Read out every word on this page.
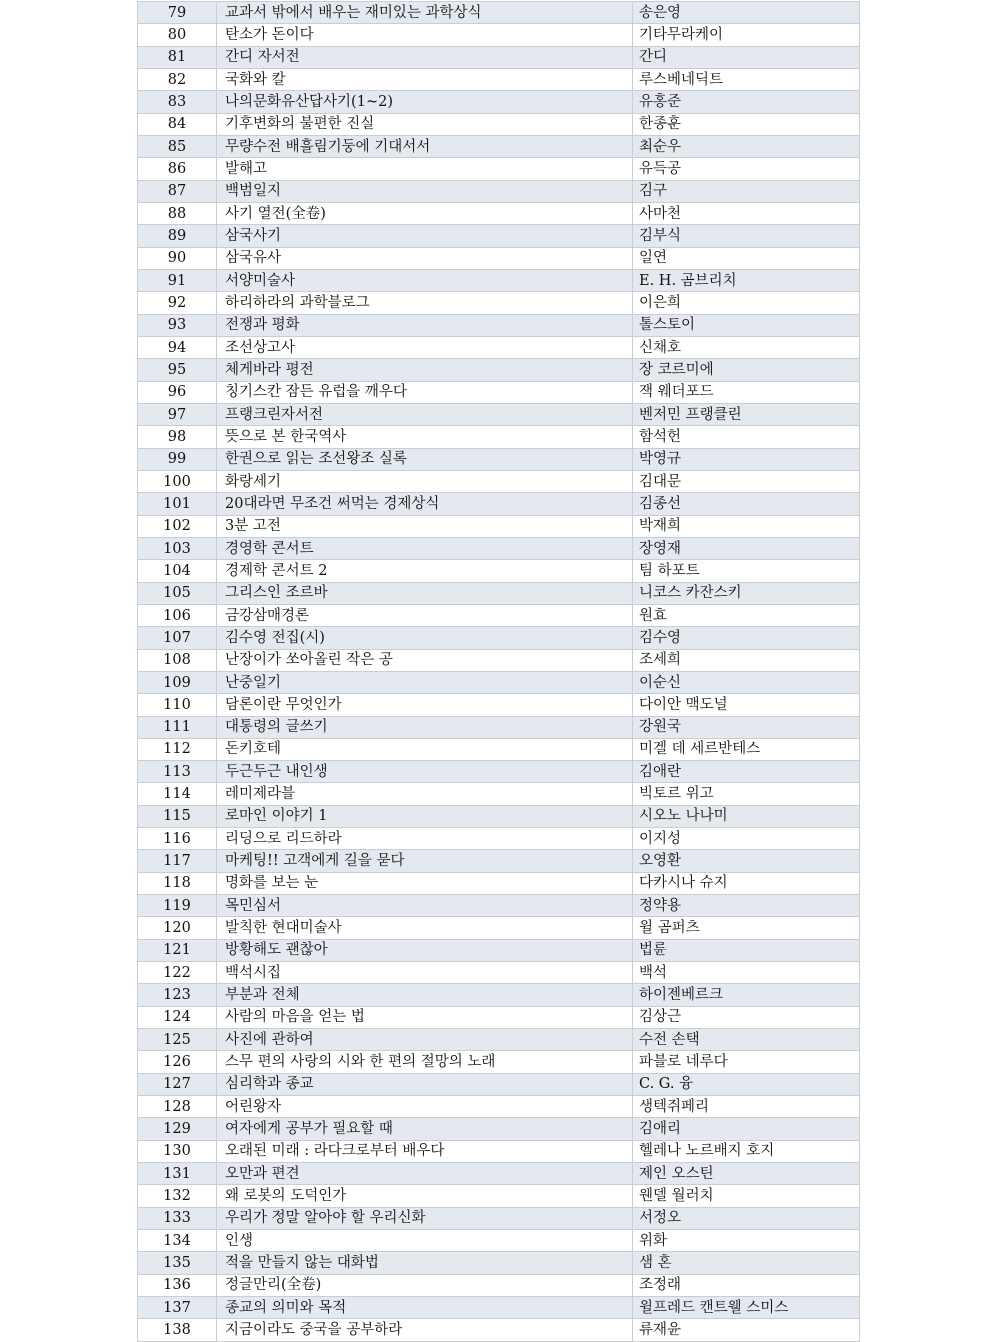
79	교과서 밖에서 배우는 재미있는 과학상식	송은영
80	탄소가 돈이다	기타무라케이
81	간디 자서전	간디
82	국화와 칼	루스베네딕트
83	나의문화유산답사기(1~2)	유홍준
84	기후변화의 불편한 진실	한종훈
85	무량수전 배흘림기둥에 기대서서	최순우
86	발해고	유득공
87	백범일지	김구
88	사기 열전(全卷)	사마천
89	삼국사기	김부식
90	삼국유사	일연
91	서양미술사	E. H. 곰브리치
92	하리하라의 과학블로그	이은희
93	전쟁과 평화	톨스토이
94	조선상고사	신채호
95	체게바라 평전	장 코르미에
96	칭기스칸 잠든 유럽을 깨우다	잭 웨더포드
97	프랭크린자서전	벤저민 프랭클린
98	뜻으로 본 한국역사	함석헌
99	한권으로 읽는 조선왕조 실록	박영규
100	화랑세기	김대문
101	20대라면 무조건 써먹는 경제상식	김종선
102	3분 고전	박재희
103	경영학 콘서트	장영재
104	경제학 콘서트 2	팀 하포트
105	그리스인 조르바	니코스 카잔스키
106	금강삼매경론	원효
107	김수영 전집(시)	김수영
108	난장이가 쏘아올린 작은 공	조세희
109	난중일기	이순신
110	담론이란 무엇인가	다이안 맥도널
111	대통령의 글쓰기	강원국
112	돈키호테	미겔 데 세르반테스
113	두근두근 내인생	김애란
114	레미제라블	빅토르 위고
115	로마인 이야기 1	시오노 나나미
116	리딩으로 리드하라	이지성
117	마케팅!! 고객에게 길을 묻다	오영환
118	명화를 보는 눈	다카시나 슈지
119	목민심서	정약용
120	발칙한 현대미술사	윌 곰퍼츠
121	방황해도 괜찮아	법륜
122	백석시집	백석
123	부분과 전체	하이젠베르크
124	사람의 마음을 얻는 법	김상근
125	사진에 관하여	수전 손택
126	스무 편의 사랑의 시와 한 편의 절망의 노래	파블로 네루다
127	심리학과 종교	C. G. 융
128	어린왕자	생텍쥐페리
129	여자에게 공부가 필요할 때	김애리
130	오래된 미래 : 라다크로부터 배우다	헬레나 노르배지 호지
131	오만과 편견	제인 오스틴
132	왜 로봇의 도덕인가	웬델 월러치
133	우리가 정말 알아야 할 우리신화	서정오
134	인생	위화
135	적을 만들지 않는 대화법	샘 혼
136	정글만리(全卷)	조정래
137	종교의 의미와 목적	윌프레드 캔트웰 스미스
138	지금이라도 중국을 공부하라	류재윤
